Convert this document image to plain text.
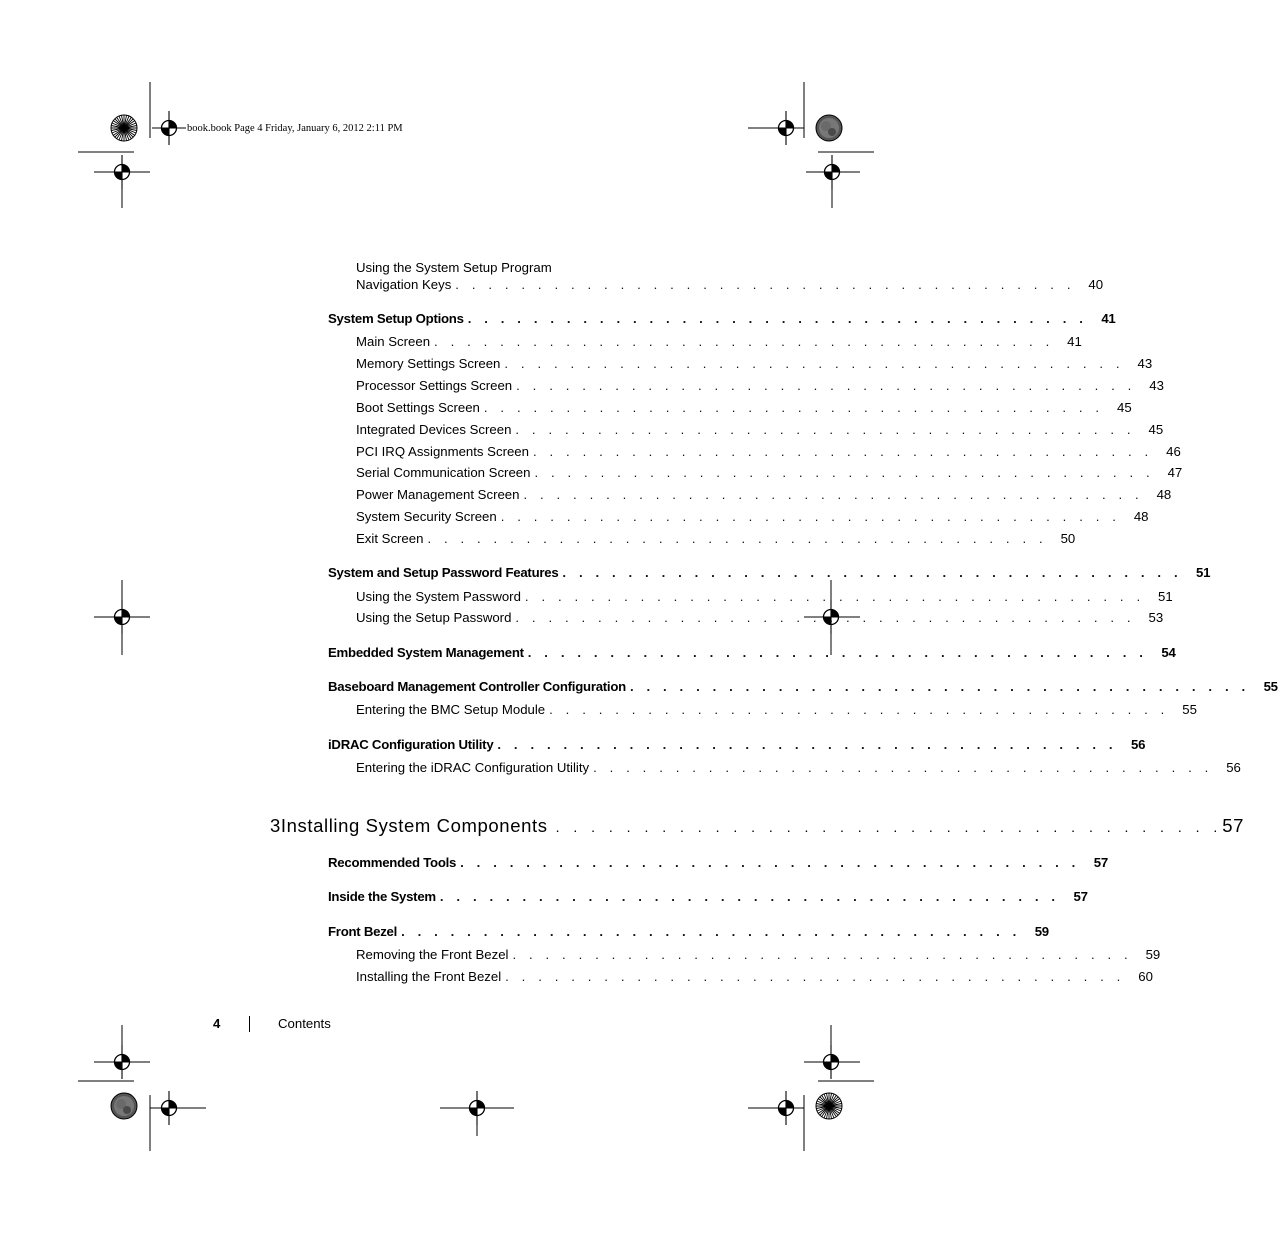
book.book Page 4 Friday, January 6, 2012 2:11 PM
Using the System Setup Program
Navigation Keys . . . . . . . . . . . . . . . . . . . . . . . . . . . . . . . . . . . . . .	40
System Setup Options . . . . . . . . . . . . . . . . . . . . . . . . . . . . . . . . . . . . . .	41
Main Screen . . . . . . . . . . . . . . . . . . . . . . . . . . . . . . . . . . . . . .	41
Memory Settings Screen . . . . . . . . . . . . . . . . . . . . . . . . . . . . . . . . . . . . . .	43
Processor Settings Screen . . . . . . . . . . . . . . . . . . . . . . . . . . . . . . . . . . . . . .	43
Boot Settings Screen . . . . . . . . . . . . . . . . . . . . . . . . . . . . . . . . . . . . . .	45
Integrated Devices Screen . . . . . . . . . . . . . . . . . . . . . . . . . . . . . . . . . . . . . .	45
PCI IRQ Assignments Screen . . . . . . . . . . . . . . . . . . . . . . . . . . . . . . . . . . . . . .	46
Serial Communication Screen . . . . . . . . . . . . . . . . . . . . . . . . . . . . . . . . . . . . . .	47
Power Management Screen . . . . . . . . . . . . . . . . . . . . . . . . . . . . . . . . . . . . . .	48
System Security Screen . . . . . . . . . . . . . . . . . . . . . . . . . . . . . . . . . . . . . .	48
Exit Screen . . . . . . . . . . . . . . . . . . . . . . . . . . . . . . . . . . . . . .	50
System and Setup Password Features . . . . . . . . . . . . . . . . . . . . . . . . . . . . . . . . . . . . . .	51
Using the System Password . . . . . . . . . . . . . . . . . . . . . . . . . . . . . . . . . . . . . .	51
Using the Setup Password . . . . . . . . . . . . . . . . . . . . . . . . . . . . . . . . . . . . . .	53
Embedded System Management . . . . . . . . . . . . . . . . . . . . . . . . . . . . . . . . . . . . . .	54
Baseboard Management Controller Configuration . . . . . . . . . . . . . . . . . . . . . . . . . . . . . . . . . . . . . .	55
Entering the BMC Setup Module . . . . . . . . . . . . . . . . . . . . . . . . . . . . . . . . . . . . . .	55
iDRAC Configuration Utility . . . . . . . . . . . . . . . . . . . . . . . . . . . . . . . . . . . . . .	56
Entering the iDRAC Configuration Utility . . . . . . . . . . . . . . . . . . . . . . . . . . . . . . . . . . . . . .	56
3 Installing System Components . . . . . . . . . . . . . . . . . . . . . . . . . . . . . . . . . . . . . . 57
Recommended Tools . . . . . . . . . . . . . . . . . . . . . . . . . . . . . . . . . . . . . .	57
Inside the System . . . . . . . . . . . . . . . . . . . . . . . . . . . . . . . . . . . . . .	57
Front Bezel . . . . . . . . . . . . . . . . . . . . . . . . . . . . . . . . . . . . . .	59
Removing the Front Bezel . . . . . . . . . . . . . . . . . . . . . . . . . . . . . . . . . . . . . .	59
Installing the Front Bezel . . . . . . . . . . . . . . . . . . . . . . . . . . . . . . . . . . . . . .	60
4	Contents
